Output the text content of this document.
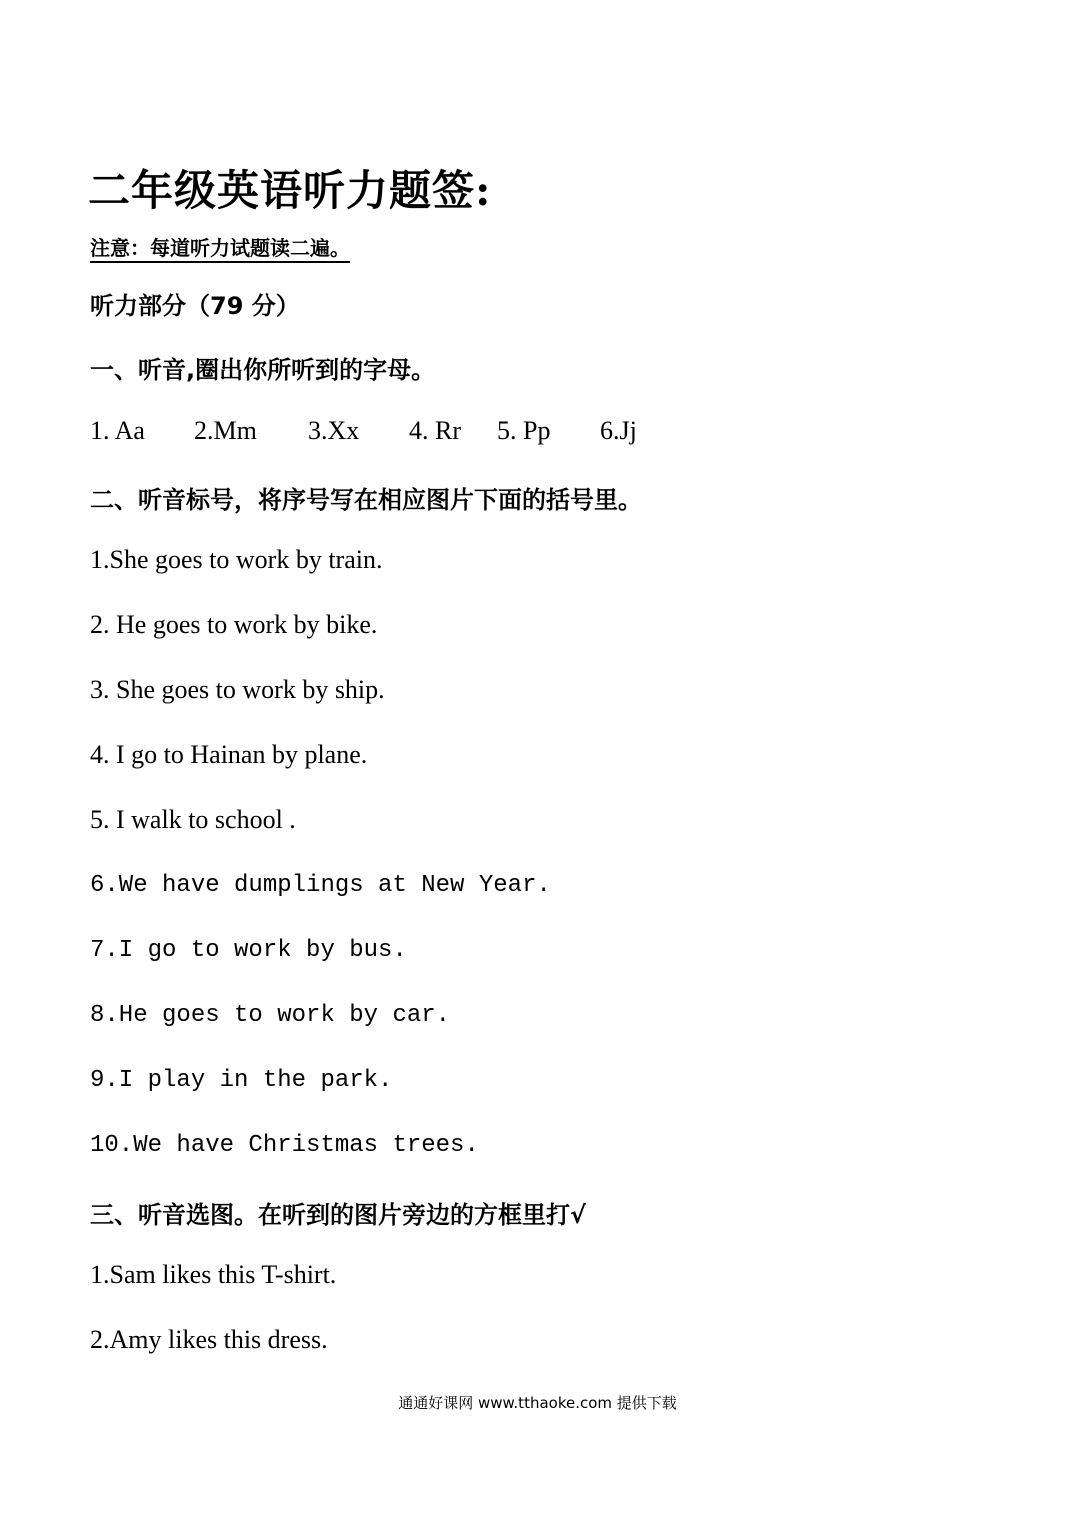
二年级英语听力题签:
注意：每道听力试题读二遍。
听力部分（79 分）
一、听音,圈出你所听到的字母。
1. Aa 2.Mm 3.Xx 4. Rr 5. Pp 6.Jj
二、听音标号，将序号写在相应图片下面的括号里。
1.She goes to work by train.
2. He goes to work by bike.
3. She goes to work by ship.
4. I go to Hainan by plane.
5. I walk to school .
6.We have dumplings at New Year.
7.I go to work by bus.
8.He goes to work by car.
9.I play in the park.
10.We have Christmas trees.
三、听音选图。在听到的图片旁边的方框里打√
1.Sam likes this T-shirt.
2.Amy likes this dress.
通通好课网 www.tthaoke.com 提供下载
